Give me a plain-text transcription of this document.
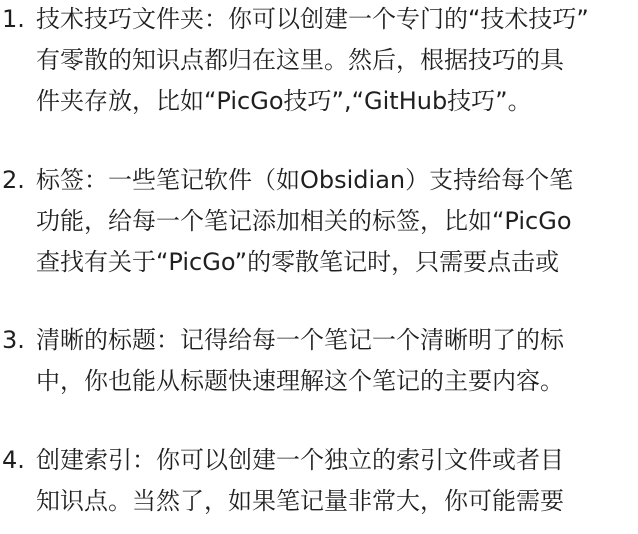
1. 技术技巧文件夹：你可以创建一个专门的“技术技巧”
有零散的知识点都归在这里。然后，根据技巧的具
件夹存放，比如“PicGo技巧”,“GitHub技巧”。
2. 标签：一些笔记软件（如Obsidian）支持给每个笔
功能，给每一个笔记添加相关的标签，比如“PicGo
查找有关于“PicGo”的零散笔记时，只需要点击或
3. 清晰的标题：记得给每一个笔记一个清晰明了的标
中，你也能从标题快速理解这个笔记的主要内容。
4. 创建索引：你可以创建一个独立的索引文件或者目
知识点。当然了，如果笔记量非常大，你可能需要
